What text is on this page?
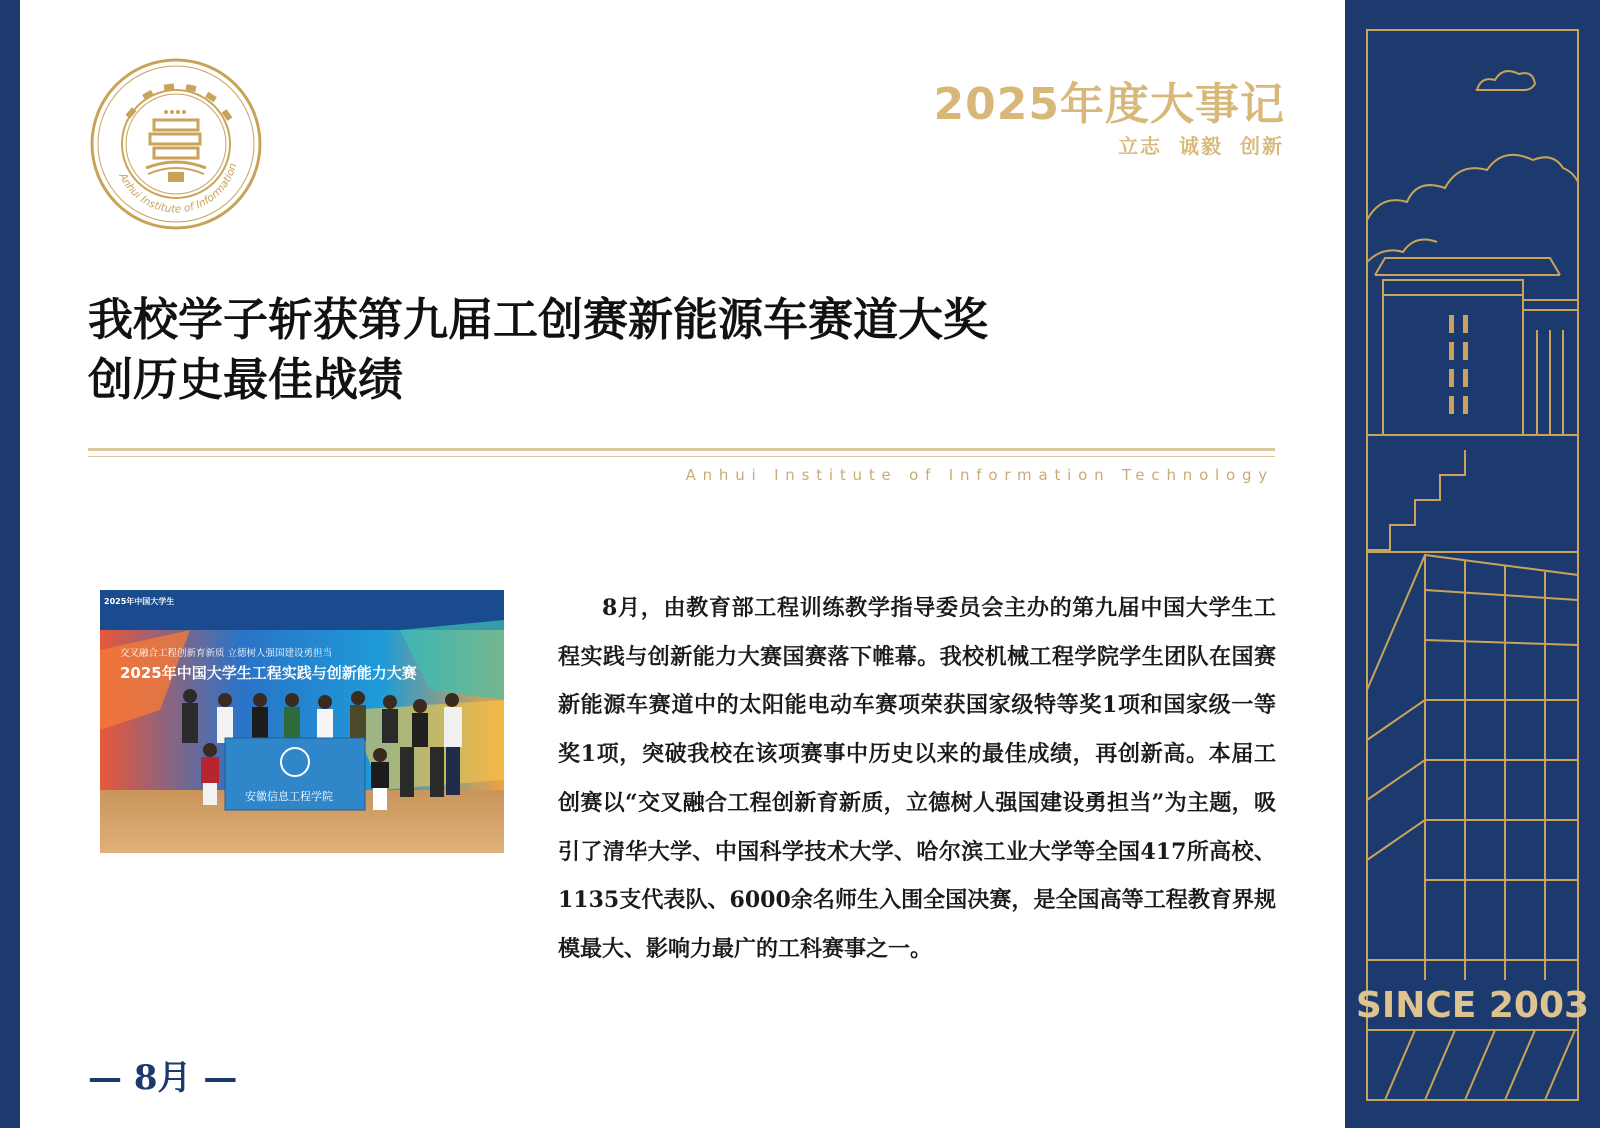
Anhui Institute of Information
2025年度大事记
立志 诚毅 创新
我校学子斩获第九届工创赛新能源车赛道大奖
创历史最佳战绩
Anhui Institute of Information Technology
2025年中国大学生
交叉融合工程创新育新质 立德树人强国建设勇担当
2025年中国大学生工程实践与创新能力大赛
安徽信息工程学院

8月，由教育部工程训练教学指导委员会主办的第九届中国大学生工程实践与创新能力大赛国赛落下帷幕。我校机械工程学院学生团队在国赛新能源车赛道中的太阳能电动车赛项荣获国家级特等奖1项和国家级一等奖1项，突破我校在该项赛事中历史以来的最佳成绩，再创新高。本届工创赛以“交叉融合工程创新育新质，立德树人强国建设勇担当”为主题，吸引了清华大学、中国科学技术大学、哈尔滨工业大学等全国417所高校、1135支代表队、6000余名师生入围全国决赛，是全国高等工程教育界规模最大、影响力最广的工科赛事之一。

— 8月 —
SINCE 2003
